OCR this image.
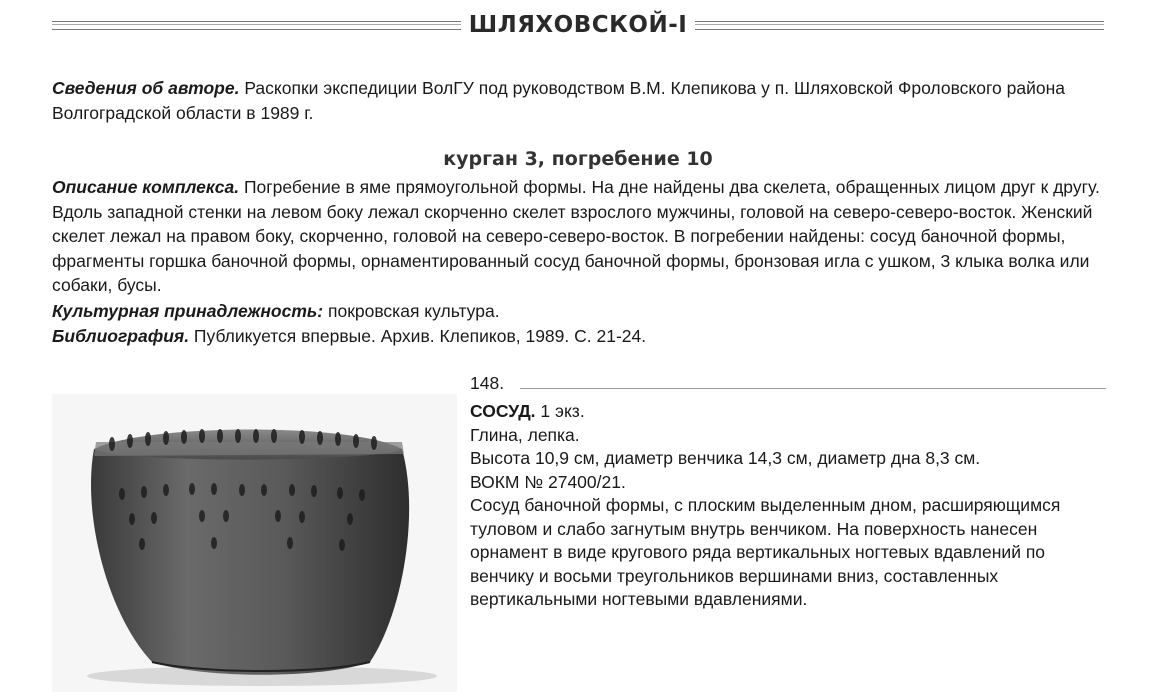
ШЛЯХОВСКОЙ-I
Сведения об авторе. Раскопки экспедиции ВолГУ под руководством В.М. Клепикова у п. Шляховской Фроловского района Волгоградской области в 1989 г.
курган 3, погребение 10
Описание комплекса. Погребение в яме прямоугольной формы. На дне найдены два скелета, обращенных лицом друг к другу. Вдоль западной стенки на левом боку лежал скорченно скелет взрослого мужчины, головой на северо-северо-восток. Женский скелет лежал на правом боку, скорченно, головой на северо-северо-восток. В погребении найдены: сосуд баночной формы, фрагменты горшка баночной формы, орнаментированный сосуд баночной формы, бронзовая игла с ушком, 3 клыка волка или собаки, бусы.
Культурная принадлежность: покровская культура.
Библиография. Публикуется впервые. Архив. Клепиков, 1989. С. 21-24.
148.
СОСУД. 1 экз.
Глина, лепка.
Высота 10,9 см, диаметр венчика 14,3 см, диаметр дна 8,3 см.
ВОКМ № 27400/21.
Сосуд баночной формы, с плоским выделенным дном, расширяющимся туловом и слабо загнутым внутрь венчиком. На поверхность нанесен орнамент в виде кругового ряда вертикальных ногтевых вдавлений по венчику и восьми треугольников вершинами вниз, составленных вертикальными ногтевыми вдавлениями.
